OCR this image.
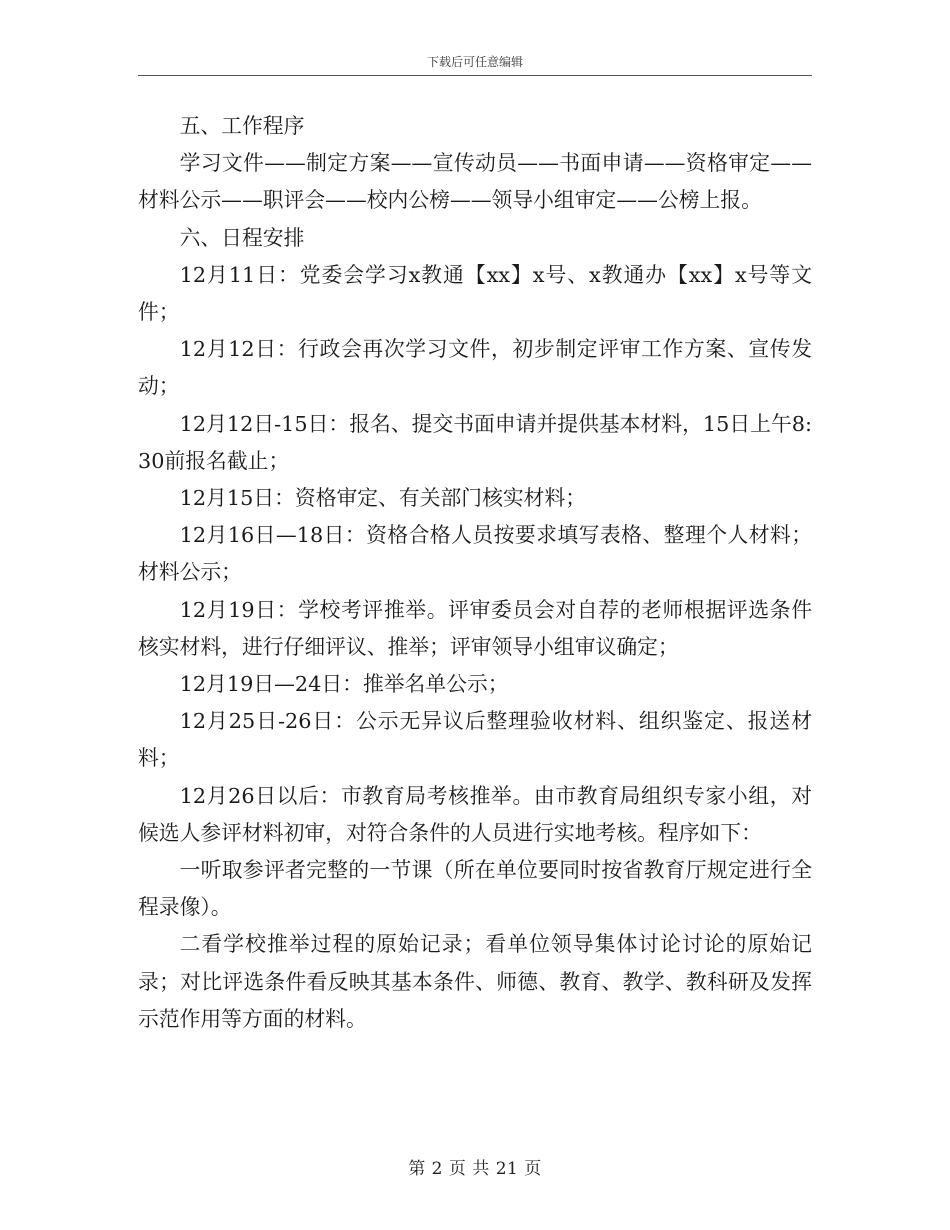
下载后可任意编辑

五、工作程序

学习文件——制定方案——宣传动员——书面申请——资格审定——材料公示——职评会——校内公榜——领导小组审定——公榜上报。

六、日程安排

12月11日：党委会学习x教通【xx】x号、x教通办【xx】x号等文件；

12月12日：行政会再次学习文件，初步制定评审工作方案、宣传发动；

12月12日-15日：报名、提交书面申请并提供基本材料，15日上午8:30前报名截止；

12月15日：资格审定、有关部门核实材料；

12月16日—18日：资格合格人员按要求填写表格、整理个人材料；材料公示；

12月19日：学校考评推举。评审委员会对自荐的老师根据评选条件核实材料，进行仔细评议、推举；评审领导小组审议确定；

12月19日—24日：推举名单公示；

12月25日-26日：公示无异议后整理验收材料、组织鉴定、报送材料；

12月26日以后：市教育局考核推举。由市教育局组织专家小组，对候选人参评材料初审，对符合条件的人员进行实地考核。程序如下：

一听取参评者完整的一节课（所在单位要同时按省教育厅规定进行全程录像）。

二看学校推举过程的原始记录；看单位领导集体讨论讨论的原始记录；对比评选条件看反映其基本条件、师德、教育、教学、教科研及发挥示范作用等方面的材料。

第 2 页 共 21 页
